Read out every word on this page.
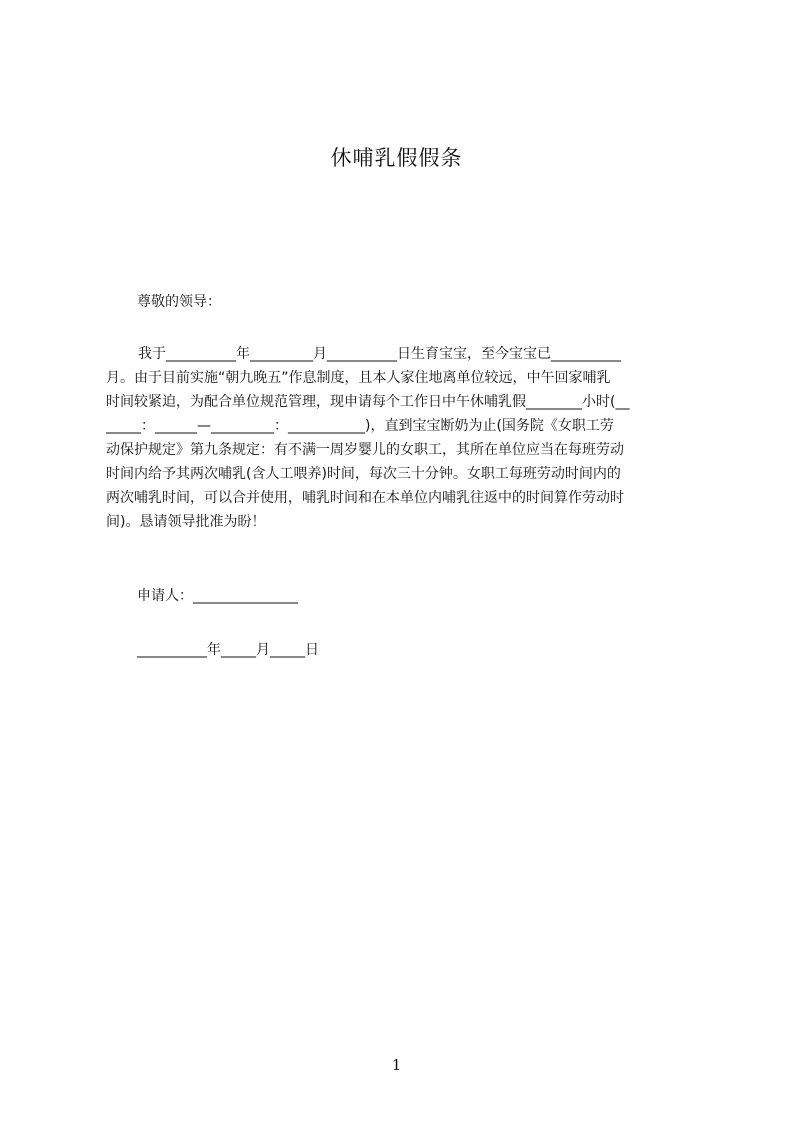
休哺乳假假条
尊敬的领导：
我于__________年_________月__________日生育宝宝，至今宝宝已__________
月。由于目前实施“朝九晚五”作息制度，且本人家住地离单位较远，中午回家哺乳
时间较紧迫，为配合单位规范管理，现申请每个工作日中午休哺乳假________小时(__
_____：______—_________：___________)，直到宝宝断奶为止(国务院《女职工劳
动保护规定》第九条规定：有不满一周岁婴儿的女职工，其所在单位应当在每班劳动
时间内给予其两次哺乳(含人工喂养)时间，每次三十分钟。女职工每班劳动时间内的
两次哺乳时间，可以合并使用，哺乳时间和在本单位内哺乳往返中的时间算作劳动时
间)。恳请领导批准为盼！
申请人：_______________
__________年_____月_____日
1
